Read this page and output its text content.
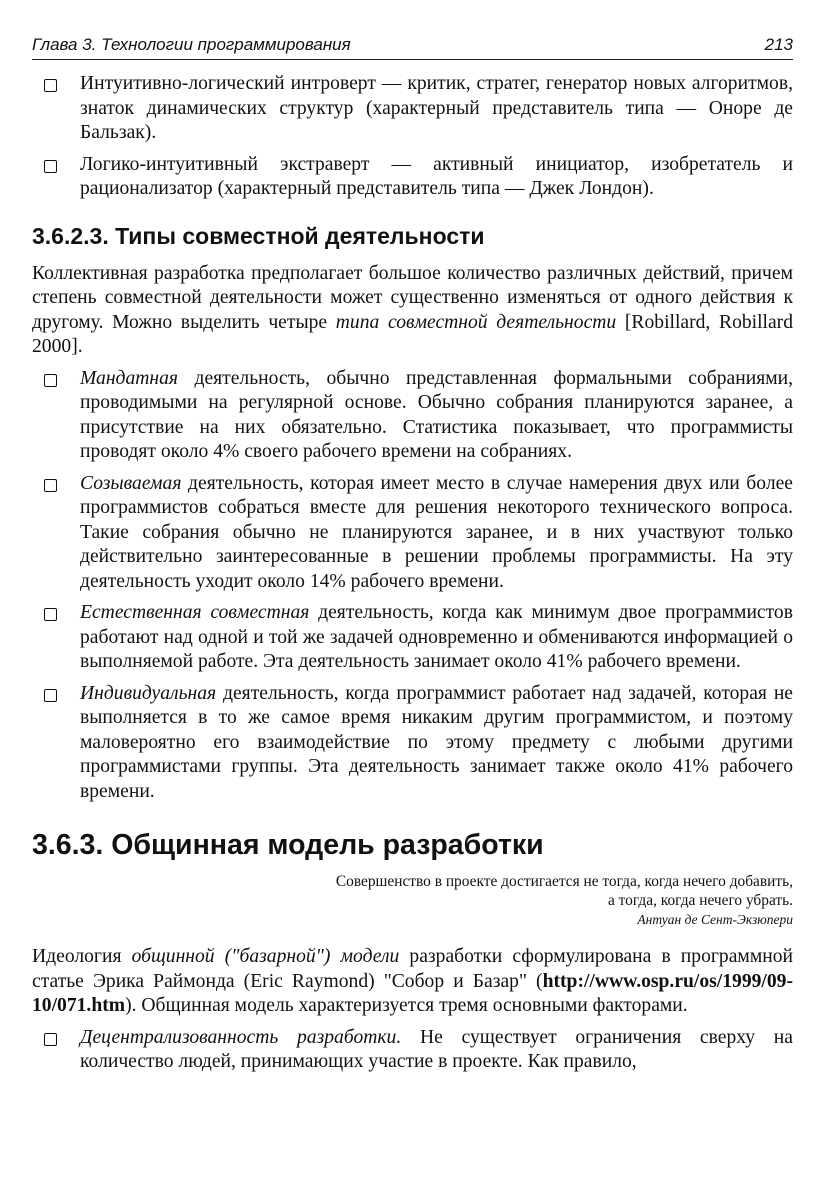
Глава 3. Технологии программирования	213
Интуитивно-логический интроверт — критик, стратег, генератор новых алгоритмов, знаток динамических структур (характерный представитель типа — Оноре де Бальзак).
Логико-интуитивный экстраверт — активный инициатор, изобретатель и рационализатор (характерный представитель типа — Джек Лондон).
3.6.2.3. Типы совместной деятельности
Коллективная разработка предполагает большое количество различных действий, причем степень совместной деятельности может существенно изменяться от одного действия к другому. Можно выделить четыре типа совместной деятельности [Robillard, Robillard 2000].
Мандатная деятельность, обычно представленная формальными собраниями, проводимыми на регулярной основе. Обычно собрания планируются заранее, а присутствие на них обязательно. Статистика показывает, что программисты проводят около 4% своего рабочего времени на собраниях.
Созываемая деятельность, которая имеет место в случае намерения двух или более программистов собраться вместе для решения некоторого технического вопроса. Такие собрания обычно не планируются заранее, и в них участвуют только действительно заинтересованные в решении проблемы программисты. На эту деятельность уходит около 14% рабочего времени.
Естественная совместная деятельность, когда как минимум двое программистов работают над одной и той же задачей одновременно и обмениваются информацией о выполняемой работе. Эта деятельность занимает около 41% рабочего времени.
Индивидуальная деятельность, когда программист работает над задачей, которая не выполняется в то же самое время никаким другим программистом, и поэтому маловероятно его взаимодействие по этому предмету с любыми другими программистами группы. Эта деятельность занимает также около 41% рабочего времени.
3.6.3. Общинная модель разработки
Совершенство в проекте достигается не тогда, когда нечего добавить,
а тогда, когда нечего убрать.
Антуан де Сент-Экзюпери
Идеология общинной ("базарной") модели разработки сформулирована в программной статье Эрика Раймонда (Eric Raymond) "Собор и Базар" (http://www.osp.ru/os/1999/09-10/071.htm). Общинная модель характеризуется тремя основными факторами.
Децентрализованность разработки. Не существует ограничения сверху на количество людей, принимающих участие в проекте. Как правило,
